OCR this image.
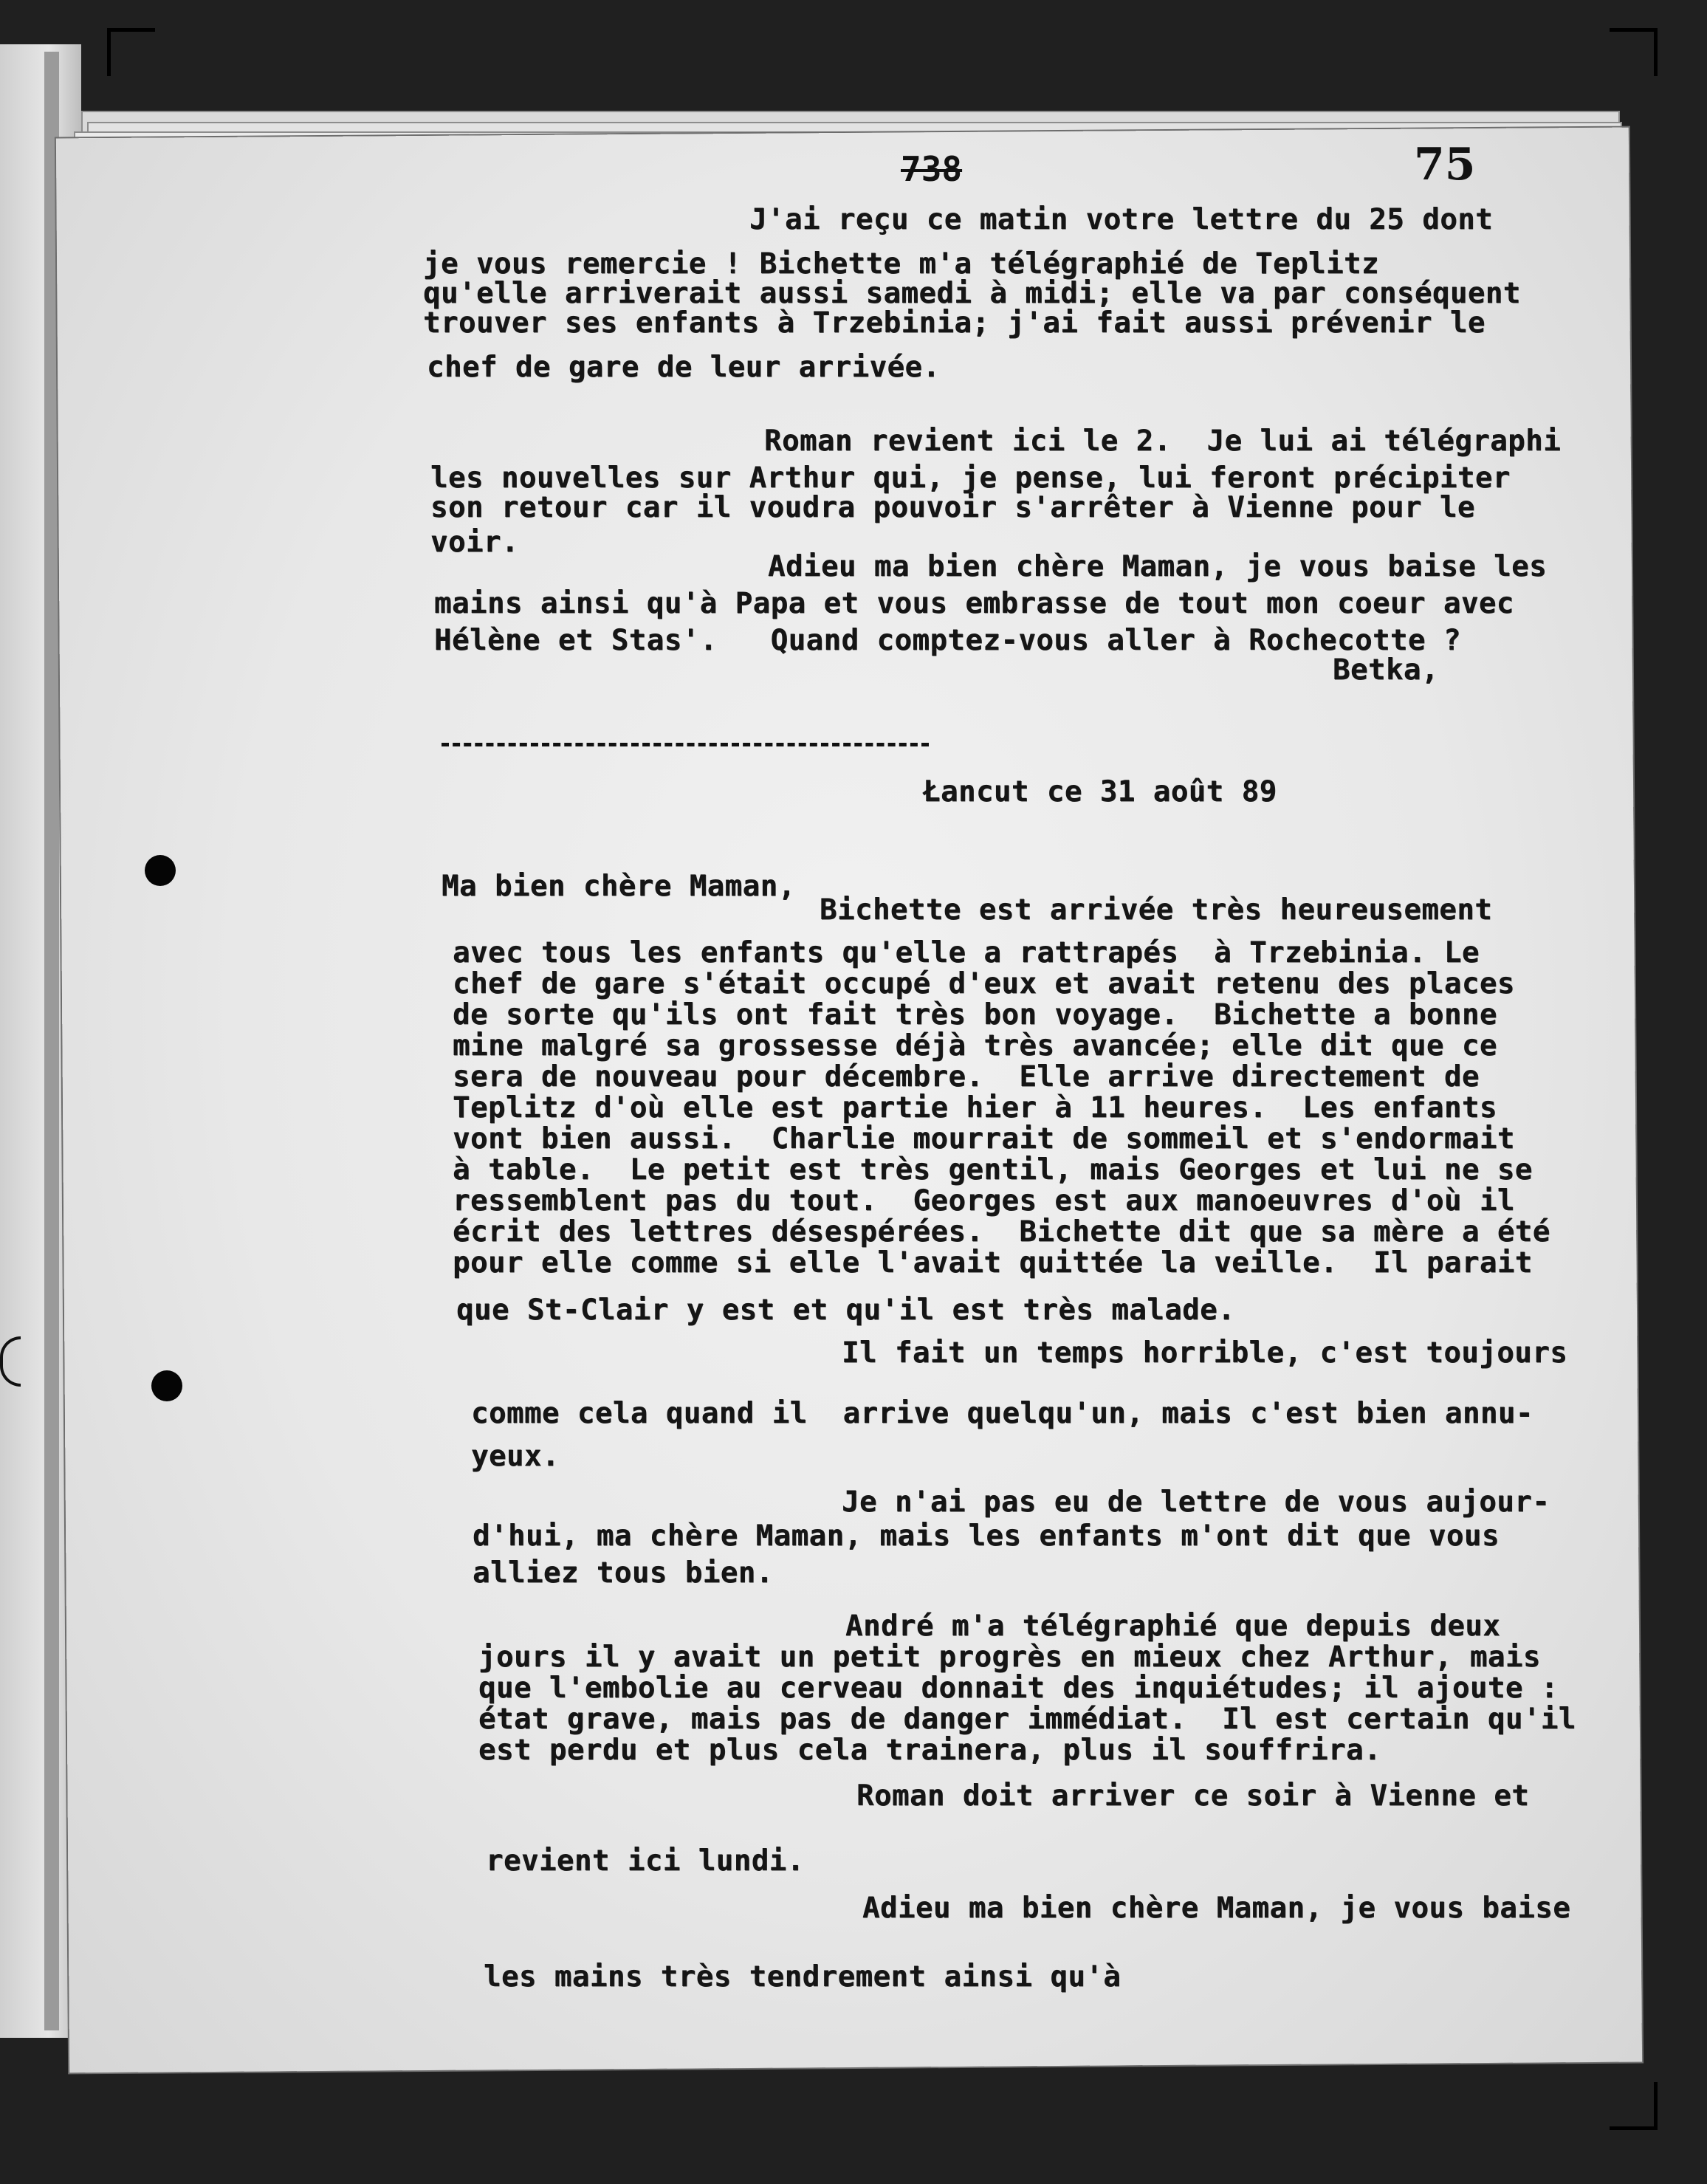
738	75
J'ai reçu ce matin votre lettre du 25 dont
je vous remercie ! Bichette m'a télégraphié de Teplitz
qu'elle arriverait aussi samedi à midi; elle va par conséquent
trouver ses enfants à Trzebinia; j'ai fait aussi prévenir le
chef de gare de leur arrivée.
Roman revient ici le 2.  Je lui ai télégraphi
les nouvelles sur Arthur qui, je pense, lui feront précipiter
son retour car il voudra pouvoir s'arrêter à Vienne pour le
voir.
Adieu ma bien chère Maman, je vous baise les
mains ainsi qu'à Papa et vous embrasse de tout mon coeur avec
Hélène et Stas'.   Quand comptez-vous aller à Rochecotte ?
Betka,
Łancut ce 31 août 89
Ma bien chère Maman,
Bichette est arrivée très heureusement
avec tous les enfants qu'elle a rattrapés  à Trzebinia. Le
chef de gare s'était occupé d'eux et avait retenu des places
de sorte qu'ils ont fait très bon voyage.  Bichette a bonne
mine malgré sa grossesse déjà très avancée; elle dit que ce
sera de nouveau pour décembre.  Elle arrive directement de
Teplitz d'où elle est partie hier à 11 heures.  Les enfants
vont bien aussi.  Charlie mourrait de sommeil et s'endormait
à table.  Le petit est très gentil, mais Georges et lui ne se
ressemblent pas du tout.  Georges est aux manoeuvres d'où il
écrit des lettres désespérées.  Bichette dit que sa mère a été
pour elle comme si elle l'avait quittée la veille.  Il parait
que St-Clair y est et qu'il est très malade.
Il fait un temps horrible, c'est toujours
comme cela quand il  arrive quelqu'un, mais c'est bien annu-
yeux.
Je n'ai pas eu de lettre de vous aujour-
d'hui, ma chère Maman, mais les enfants m'ont dit que vous
alliez tous bien.
André m'a télégraphié que depuis deux
jours il y avait un petit progrès en mieux chez Arthur, mais
que l'embolie au cerveau donnait des inquiétudes; il ajoute :
état grave, mais pas de danger immédiat.  Il est certain qu'il
est perdu et plus cela trainera, plus il souffrira.
Roman doit arriver ce soir à Vienne et
revient ici lundi.
Adieu ma bien chère Maman, je vous baise
les mains très tendrement ainsi qu'à
